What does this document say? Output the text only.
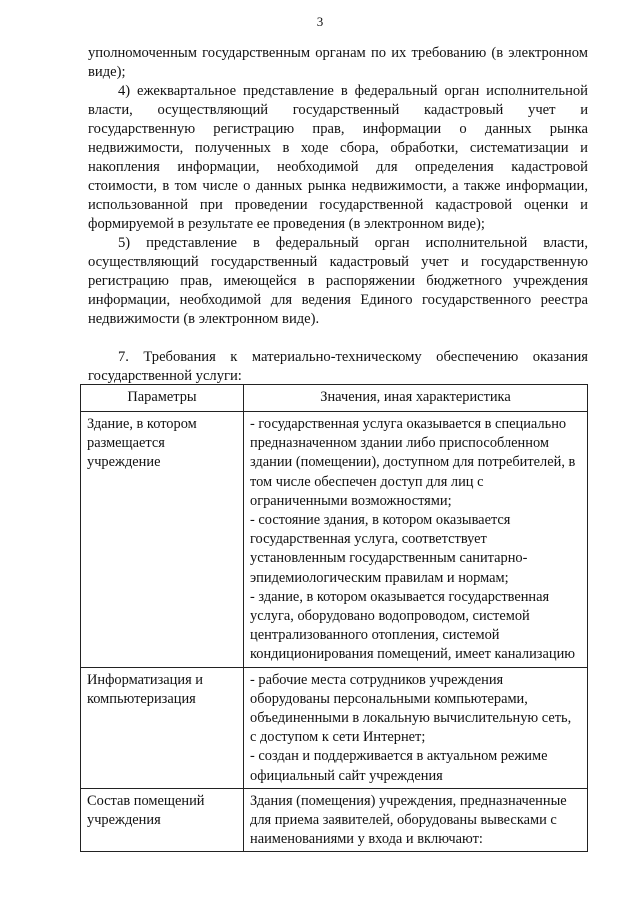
3

уполномоченным государственным органам по их требованию (в электронном виде);

4) ежеквартальное представление в федеральный орган исполнительной власти, осуществляющий государственный кадастровый учет и государственную регистрацию прав, информации о данных рынка недвижимости, полученных в ходе сбора, обработки, систематизации и накопления информации, необходимой для определения кадастровой стоимости, в том числе о данных рынка недвижимости, а также информации, использованной при проведении государственной кадастровой оценки и формируемой в результате ее проведения (в электронном виде);

5) представление в федеральный орган исполнительной власти, осуществляющий государственный кадастровый учет и государственную регистрацию прав, имеющейся в распоряжении бюджетного учреждения информации, необходимой для ведения Единого государственного реестра недвижимости (в электронном виде).

7. Требования к материально-техническому обеспечению оказания государственной услуги:

Параметры	Значения, иная характеристика
Здание, в котором размещается учреждение	- государственная услуга оказывается в специально предназначенном здании либо приспособленном здании (помещении), доступном для потребителей, в том числе обеспечен доступ для лиц с ограниченными возможностями;
- состояние здания, в котором оказывается государственная услуга, соответствует установленным государственным санитарно-эпидемиологическим правилам и нормам;
- здание, в котором оказывается государственная услуга, оборудовано водопроводом, системой централизованного отопления, системой кондиционирования помещений, имеет канализацию

Информатизация и компьютеризация	- рабочие места сотрудников учреждения оборудованы персональными компьютерами, объединенными в локальную вычислительную сеть, с доступом к сети Интернет;
- создан и поддерживается в актуальном режиме официальный сайт учреждения

Состав помещений учреждения	Здания (помещения) учреждения, предназначенные для приема заявителей, оборудованы вывесками с наименованиями у входа и включают:
